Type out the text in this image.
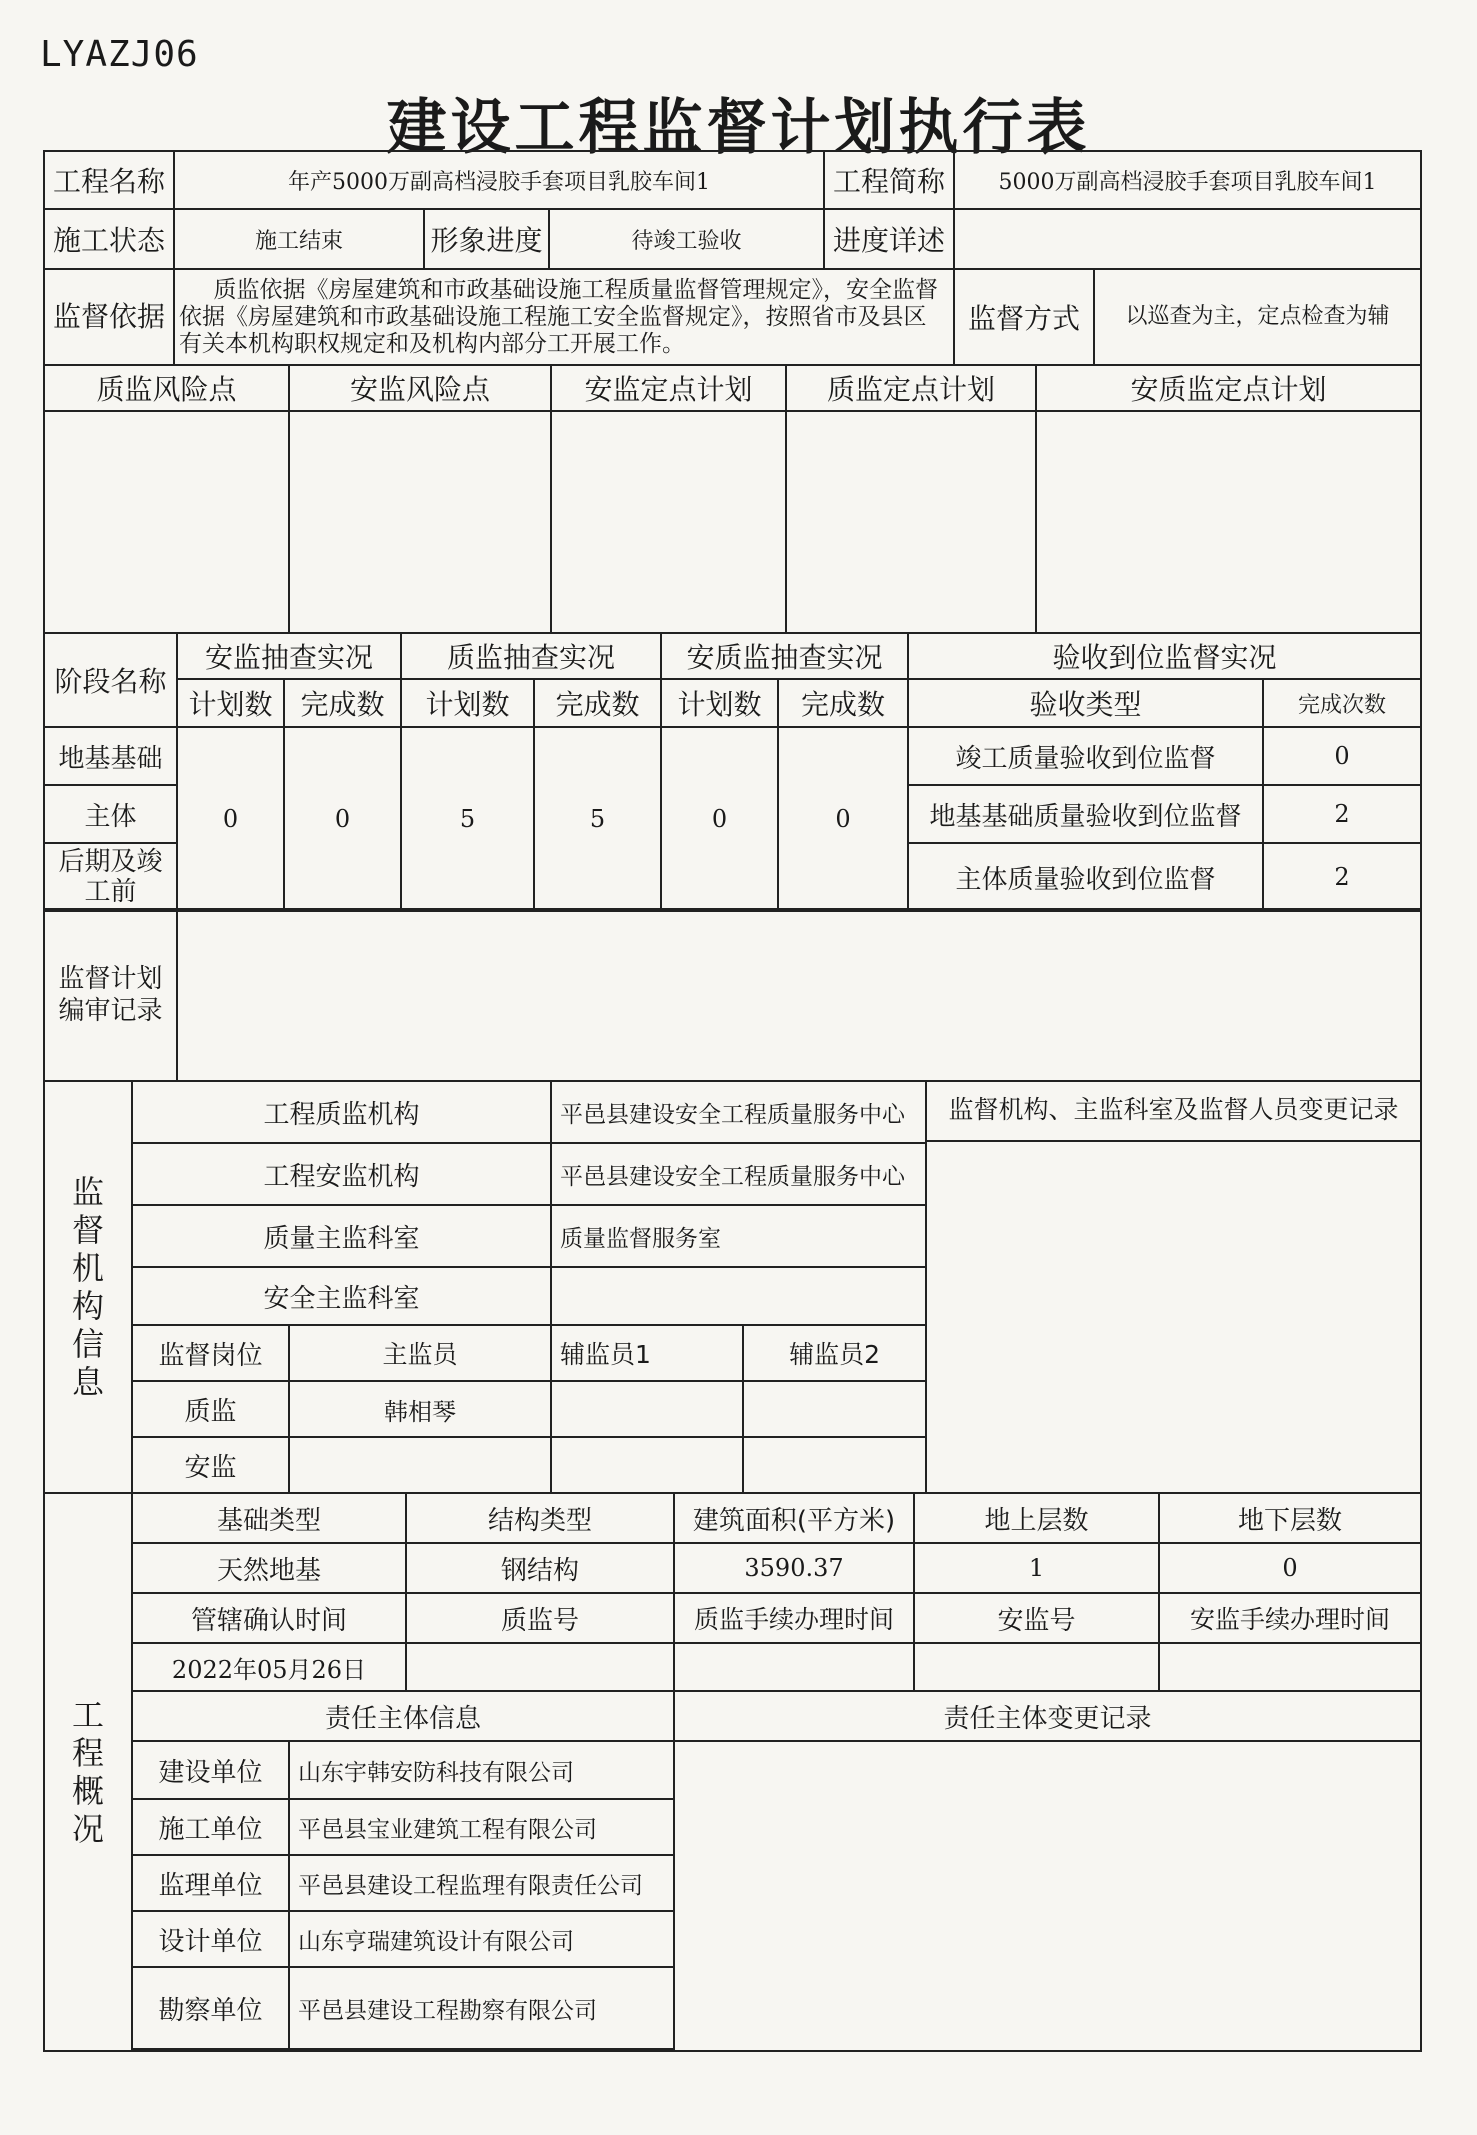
LYAZJ06
建设工程监督计划执行表
工程名称	年产5000万副高档浸胶手套项目乳胶车间1			工程简称	5000万副高档浸胶手套项目乳胶车间1	
施工状态	施工结束	形象进度	待竣工验收	进度详述		
监督依据	质监依据《房屋建筑和市政基础设施工程质量监督管理规定》，安全监督依据《房屋建筑和市政基础设施工程施工安全监督规定》，按照省市及县区有关本机构职权规定和及机构内部分工开展工作。				监督方式	以巡查为主，定点检查为辅
质监风险点	安监风险点	安监定点计划	质监定点计划	安质监定点计划

阶段名称	安监抽查实况		质监抽查实况		安质监抽查实况		验收到位监督实况	
	计划数	完成数	计划数	完成数	计划数	完成数	验收类型	完成次数
地基基础	0	0	5	5	0	0	竣工质量验收到位监督	0
主体							地基基础质量验收到位监督	2
后期及竣工前							主体质量验收到位监督	2
监督计划编审记录	
监督机构信息	工程质监机构		平邑县建设安全工程质量服务中心		监督机构、主监科室及监督人员变更记录

	工程安监机构		平邑县建设安全工程质量服务中心		
	质量主监科室		质量监督服务室		
	安全主监科室				
	监督岗位	主监员	辅监员1	辅监员2	
	质监	韩相琴			
	安监				
工程概况	基础类型		结构类型	建筑面积(平方米)	地上层数	地下层数
	天然地基		钢结构	3590.37	1	0
	管辖确认时间		质监号	质监手续办理时间	安监号	安监手续办理时间
	2022年05月26日					
	责任主体信息			责任主体变更记录		
	建设单位	山东宇韩安防科技有限公司				
	施工单位	平邑县宝业建筑工程有限公司				
	监理单位	平邑县建设工程监理有限责任公司				
	设计单位	山东亨瑞建筑设计有限公司				
	勘察单位	平邑县建设工程勘察有限公司				
